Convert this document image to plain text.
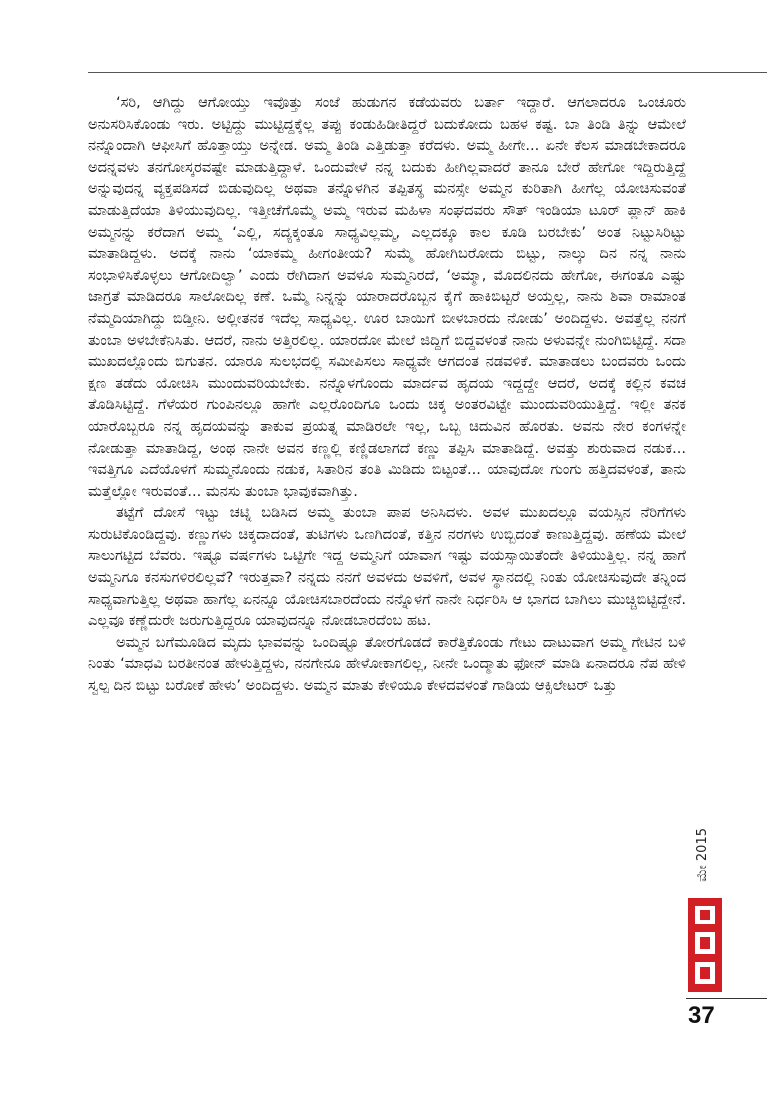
‘ಸರಿ, ಆಗಿದ್ದು ಆಗೋಯ್ತು ಇವೊತ್ತು ಸಂಜೆ ಹುಡುಗನ ಕಡೆಯವರು ಬರ್ತಾ ಇದ್ದಾರೆ. ಆಗಲಾದರೂ ಒಂಚೂರು ಅನುಸರಿಸಿಕೊಂಡು ಇರು. ಅಟ್ಟಿದ್ದು ಮುಟ್ಟಿದ್ದಕ್ಕೆಲ್ಲ ತಪ್ಪು ಕಂಡುಹಿಡೀತಿದ್ದರೆ ಬದುಕೋದು ಬಹಳ ಕಷ್ಟ. ಬಾ ತಿಂಡಿ ತಿನ್ನು ಆಮೇಲೆ ನನ್ನೊಂದಾಗಿ ಆಫೀಸಿಗೆ ಹೊತ್ತಾಯ್ತು ಅನ್ನೇಡ. ಅಮ್ಮ ತಿಂಡಿ ಎತ್ತಿಡುತ್ತಾ ಕರೆದಳು. ಅಮ್ಮ ಹೀಗೇ... ಏನೇ ಕೆಲಸ ಮಾಡಬೇಕಾದರೂ ಅದನ್ನವಳು ತನಗೋಸ್ಕರವಷ್ಟೇ ಮಾಡುತ್ತಿದ್ದಾಳೆ. ಒಂದುವೇಳೆ ನನ್ನ ಬದುಕು ಹೀಗಿಲ್ಲವಾದರೆ ತಾನೂ ಬೇರೆ ಹೇಗೋ ಇದ್ದಿರುತ್ತಿದ್ದೆ ಅನ್ನುವುದನ್ನ ವ್ಯಕ್ತಪಡಿಸದೆ ಬಿಡುವುದಿಲ್ಲ ಅಥವಾ ತನ್ನೊಳಗಿನ ತಪ್ಪಿತಸ್ಥ ಮನಸ್ಸೇ ಅಮ್ಮನ ಕುರಿತಾಗಿ ಹೀಗೆಲ್ಲ ಯೋಚಿಸುವಂತೆ ಮಾಡುತ್ತಿದೆಯಾ ತಿಳಿಯುವುದಿಲ್ಲ. ಇತ್ತೀಚೆಗೊಮ್ಮೆ ಅಮ್ಮ ಇರುವ ಮಹಿಳಾ ಸಂಘದವರು ಸೌತ್ ಇಂಡಿಯಾ ಟೂರ್ ಪ್ಲಾನ್ ಹಾಕಿ ಅಮ್ಮನನ್ನು ಕರೆದಾಗ ಅಮ್ಮ ‘ಎಲ್ಲಿ, ಸದ್ಯಕ್ಕಂತೂ ಸಾಧ್ಯವಿಲ್ಲಮ್ಮ, ಎಲ್ಲದಕ್ಕೂ ಕಾಲ ಕೂಡಿ ಬರಬೇಕು’ ಅಂತ ನಿಟ್ಟುಸಿರಿಟ್ಟು ಮಾತಾಡಿದ್ದಳು. ಅದಕ್ಕೆ ನಾನು ‘ಯಾಕಮ್ಮ ಹೀಗಂತೀಯ? ಸುಮ್ಮೆ ಹೋಗಿಬರೋದು ಬಿಟ್ಟು, ನಾಲ್ಕು ದಿನ ನನ್ನ ನಾನು ಸಂಭಾಳಿಸಿಕೊಳ್ಳಲು ಆಗೋದಿಲ್ವಾ’ ಎಂದು ರೇಗಿದಾಗ ಅವಳೂ ಸುಮ್ಮನಿರದೆ, ‘ಅಮ್ಮಾ, ಮೊದಲಿನದು ಹೇಗೋ, ಈಗಂತೂ ಎಷ್ಟು ಜಾಗ್ರತೆ ಮಾಡಿದರೂ ಸಾಲೋದಿಲ್ಲ ಕಣೆ. ಒಮ್ಮೆ ನಿನ್ನನ್ನು ಯಾರಾದರೊಬ್ಬನ ಕೈಗೆ ಹಾಕಿಬಿಟ್ಟರೆ ಅಯ್ತಲ್ಲ, ನಾನು ಶಿವಾ ರಾಮಾಂತ ನೆಮ್ಮದಿಯಾಗಿದ್ದು ಬಿಡ್ತೀನಿ. ಅಲ್ಲೀತನಕ ಇದೆಲ್ಲ ಸಾಧ್ಯವಿಲ್ಲ. ಊರ ಬಾಯಿಗೆ ಬೀಳಬಾರದು ನೋಡು’ ಅಂದಿದ್ದಳು. ಅವತ್ತೆಲ್ಲ ನನಗೆ ತುಂಬಾ ಅಳಬೇಕೆನಿಸಿತು. ಆದರೆ, ನಾನು ಅತ್ತಿರಲಿಲ್ಲ. ಯಾರದೋ ಮೇಲೆ ಜಿದ್ದಿಗೆ ಬಿದ್ದವಳಂತೆ ನಾನು ಅಳುವನ್ನೇ ನುಂಗಿಬಿಟ್ಟಿದ್ದೆ. ಸದಾ ಮುಖದಲ್ಲೊಂದು ಬಿಗುತನ. ಯಾರೂ ಸುಲಭದಲ್ಲಿ ಸಮೀಪಿಸಲು ಸಾಧ್ಯವೇ ಆಗದಂತ ನಡವಳಿಕೆ. ಮಾತಾಡಲು ಬಂದವರು ಒಂದು ಕ್ಷಣ ತಡೆದು ಯೋಚಿಸಿ ಮುಂದುವರಿಯಬೇಕು. ನನ್ನೊಳಗೊಂದು ಮಾರ್ದವ ಹೃದಯ ಇದ್ದದ್ದೇ ಆದರೆ, ಅದಕ್ಕೆ ಕಲ್ಲಿನ ಕವಚ ತೊಡಿಸಿಟ್ಟಿದ್ದೆ. ಗೆಳೆಯರ ಗುಂಪಿನಲ್ಲೂ ಹಾಗೇ ಎಲ್ಲರೊಂದಿಗೂ ಒಂದು ಚಿಕ್ಕ ಅಂತರವಿಟ್ಟೇ ಮುಂದುವರಿಯುತ್ತಿದ್ದೆ. ಇಲ್ಲೀ ತನಕ ಯಾರೊಬ್ಬರೂ ನನ್ನ ಹೃದಯವನ್ನು ತಾಕುವ ಪ್ರಯತ್ನ ಮಾಡಿರಲೇ ಇಲ್ಲ, ಒಬ್ಬ ಚಿದುವಿನ ಹೊರತು. ಅವನು ನೇರ ಕಂಗಳನ್ನೇ ನೋಡುತ್ತಾ ಮಾತಾಡಿದ್ದ, ಅಂಥ ನಾನೇ ಅವನ ಕಣ್ಣಲ್ಲಿ ಕಣ್ಣಿಡಲಾಗದೆ ಕಣ್ಣು ತಪ್ಪಿಸಿ ಮಾತಾಡಿದ್ದೆ. ಅವತ್ತು ಶುರುವಾದ ನಡುಕ... ಇವತ್ತಿಗೂ ಎದೆಯೊಳಗೆ ಸುಮ್ಮನೊಂದು ನಡುಕ, ಸಿತಾರಿನ ತಂತಿ ಮಿಡಿದು ಬಿಟ್ಟಂತೆ... ಯಾವುದೋ ಗುಂಗು ಹತ್ತಿದವಳಂತೆ, ತಾನು ಮತ್ತೆಲ್ಲೋ ಇರುವಂತೆ... ಮನಸು ತುಂಬಾ ಭಾವುಕವಾಗಿತ್ತು.

ತಟ್ಟೆಗೆ ದೋಸೆ ಇಟ್ಟು ಚಟ್ನಿ ಬಡಿಸಿದ ಅಮ್ಮ ತುಂಬಾ ಪಾಪ ಅನಿಸಿದಳು. ಅವಳ ಮುಖದಲ್ಲೂ ವಯಸ್ಸಿನ ನೆರಿಗೆಗಳು ಸುರುಟಿಕೊಂಡಿದ್ದವು. ಕಣ್ಣುಗಳು ಚಿಕ್ಕದಾದಂತೆ, ತುಟಿಗಳು ಒಣಗಿದಂತೆ, ಕತ್ತಿನ ನರಗಳು ಉಬ್ಬಿದಂತೆ ಕಾಣುತ್ತಿದ್ದವು. ಹಣೆಯ ಮೇಲೆ ಸಾಲುಗಟ್ಟಿದ ಬೆವರು. ಇಷ್ಟೂ ವರ್ಷಗಳು ಒಟ್ಟಿಗೇ ಇದ್ದ ಅಮ್ಮನಿಗೆ ಯಾವಾಗ ಇಷ್ಟು ವಯಸ್ಸಾಯಿತೆಂದೇ ತಿಳಿಯುತ್ತಿಲ್ಲ. ನನ್ನ ಹಾಗೆ ಅಮ್ಮನಿಗೂ ಕನಸುಗಳಿರಲಿಲ್ಲವೆ? ಇರುತ್ತವಾ? ನನ್ನದು ನನಗೆ ಅವಳದು ಅವಳಿಗೆ, ಅವಳ ಸ್ಥಾನದಲ್ಲಿ ನಿಂತು ಯೋಚಿಸುವುದೇ ತನ್ನಿಂದ ಸಾಧ್ಯವಾಗುತ್ತಿಲ್ಲ ಅಥವಾ ಹಾಗೆಲ್ಲ ಏನನ್ನೂ ಯೋಚಿಸಬಾರದೆಂದು ನನ್ನೊಳಗೆ ನಾನೇ ನಿರ್ಧರಿಸಿ ಆ ಭಾಗದ ಬಾಗಿಲು ಮುಚ್ಚಿಬಿಟ್ಟಿದ್ದೇನೆ. ಎಲ್ಲವೂ ಕಣ್ಣೆದುರೇ ಜರುಗುತ್ತಿದ್ದರೂ ಯಾವುದನ್ನೂ ನೋಡಬಾರದೆಂಬ ಹಟ.

ಅಮ್ಮನ ಬಗೆಮೂಡಿದ ಮೃದು ಭಾವವನ್ನು ಒಂದಿಷ್ಟೂ ತೋರಗೊಡದೆ ಕಾರೆತ್ತಿಕೊಂಡು ಗೇಟು ದಾಟುವಾಗ ಅಮ್ಮ ಗೇಟಿನ ಬಳಿ ನಿಂತು ‘ಮಾಧವಿ ಬರತೀನಂತ ಹೇಳುತ್ತಿದ್ದಳು, ನನಗೇನೂ ಹೇಳೋಕಾಗಲಿಲ್ಲ, ನೀನೇ ಒಂದ್ಮಾತು ಫೋನ್ ಮಾಡಿ ಏನಾದರೂ ನೆಪ ಹೇಳಿ ಸ್ವಲ್ಪ ದಿನ ಬಿಟ್ಟು ಬರೋಕೆ ಹೇಳು’ ಅಂದಿದ್ದಳು. ಅಮ್ಮನ ಮಾತು ಕೇಳಿಯೂ ಕೇಳದವಳಂತೆ ಗಾಡಿಯ ಆಕ್ಸಿಲೇಟರ್ ಒತ್ತು

ಮೇ 2015
37
